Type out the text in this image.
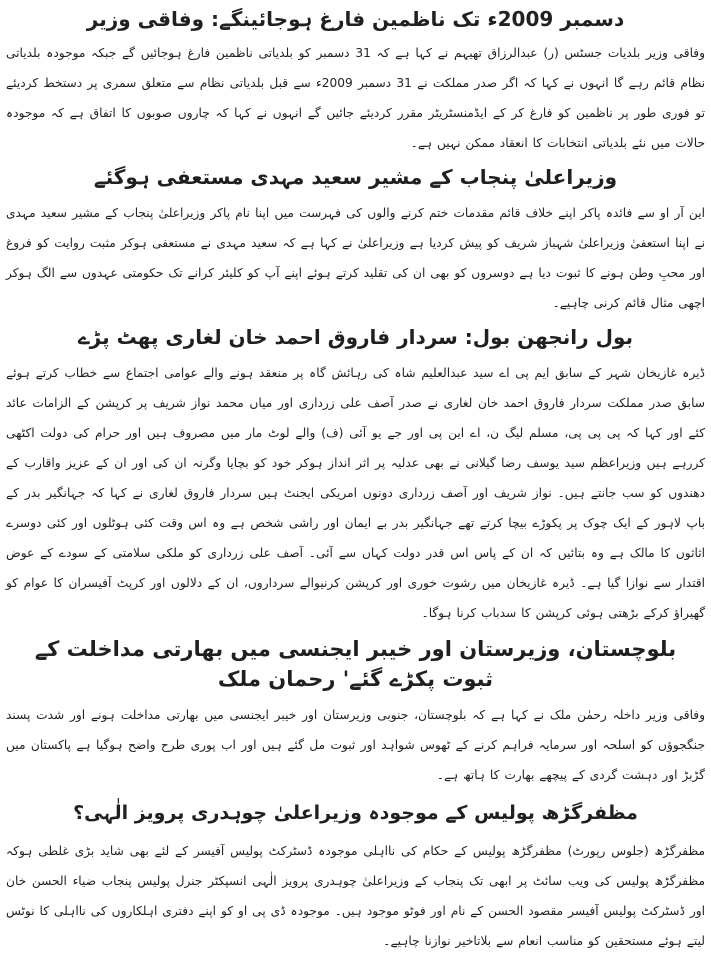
دسمبر 2009ء تک ناظمین فارغ ہوجائینگے: وفاقی وزیر

وفاقی وزیر بلدیات جسٹس (ر) عبدالرزاق تھیہم نے کہا ہے کہ 31 دسمبر کو بلدیاتی ناظمین فارغ ہوجائیں گے جبکہ موجودہ بلدیاتی نظام قائم رہے گا انہوں نے کہا کہ اگر صدر مملکت نے 31 دسمبر 2009ء سے قبل بلدیاتی نظام سے متعلق سمری پر دستخط کردیئے تو فوری طور پر ناظمین کو فارغ کر کے ایڈمنسٹریٹر مقرر کردیئے جائیں گے انہوں نے کہا کہ چاروں صوبوں کا اتفاق ہے کہ موجودہ حالات میں نئے بلدیاتی انتخابات کا انعقاد ممکن نہیں ہے۔

وزیراعلیٰ پنجاب کے مشیر سعید مہدی مستعفی ہوگئے

این آر او سے فائدہ پاکر اپنے خلاف قائم مقدمات ختم کرنے والوں کی فہرست میں اپنا نام پاکر وزیراعلیٰ پنجاب کے مشیر سعید مہدی نے اپنا استعفیٰ وزیراعلیٰ شہباز شریف کو پیش کردیا ہے وزیراعلیٰ نے کہا ہے کہ سعید مہدی نے مستعفی ہوکر مثبت روایت کو فروغ اور محبِ وطن ہونے کا ثبوت دیا ہے دوسروں کو بھی ان کی تقلید کرتے ہوئے اپنے آپ کو کلیئر کرانے تک حکومتی عہدوں سے الگ ہوکر اچھی مثال قائم کرنی چاہیے۔

بول رانجھن بول: سردار فاروق احمد خان لغاری پھٹ پڑے

ڈیرہ غازیخان شہر کے سابق ایم پی اے سید عبدالعلیم شاہ کی رہائش گاہ پر منعقد ہونے والے عوامی اجتماع سے خطاب کرتے ہوئے سابق صدر مملکت سردار فاروق احمد خان لغاری نے صدر آصف علی زرداری اور میاں محمد نواز شریف پر کرپشن کے الزامات عائد کئے اور کہا کہ پی پی پی، مسلم لیگ ن، اے این پی اور جے یو آئی (ف) والے لوٹ مار میں مصروف ہیں اور حرام کی دولت اکٹھی کررہے ہیں وزیراعظم سید یوسف رضا گیلانی نے بھی عدلیہ پر اثر انداز ہوکر خود کو بچایا وگرنہ ان کی اور ان کے عزیز واقارب کے دھندوں کو سب جانتے ہیں۔ نواز شریف اور آصف زرداری دونوں امریکی ایجنٹ ہیں سردار فاروق لغاری نے کہا کہ جہانگیر بدر کے باپ لاہور کے ایک چوک پر پکوڑے بیچا کرتے تھے جہانگیر بدر بے ایمان اور راشی شخص ہے وہ اس وقت کئی ہوٹلوں اور کئی دوسرے اثاثوں کا مالک ہے وہ بتائیں کہ ان کے پاس اس قدر دولت کہاں سے آئی۔ آصف علی زرداری کو ملکی سلامتی کے سودے کے عوض اقتدار سے نوازا گیا ہے۔ ڈیرہ غازیخان میں رشوت خوری اور کرپشن کرنیوالے سرداروں، ان کے دلالوں اور کرپٹ آفیسران کا عوام کو گھیراؤ کرکے بڑھتی ہوئی کرپشن کا سدباب کرنا ہوگا۔

بلوچستان، وزیرستان اور خیبر ایجنسی میں بھارتی مداخلت کے ثبوت پکڑے گئے' رحمان ملک

وفاقی وزیر داخلہ رحمٰن ملک نے کہا ہے کہ بلوچستان، جنوبی وزیرستان اور خیبر ایجنسی میں بھارتی مداخلت ہونے اور شدت پسند جنگجوؤں کو اسلحہ اور سرمایہ فراہم کرنے کے ٹھوس شواہد اور ثبوت مل گئے ہیں اور اب پوری طرح واضح ہوگیا ہے پاکستان میں گڑبڑ اور دہشت گردی کے پیچھے بھارت کا ہاتھ ہے۔

مظفرگڑھ پولیس کے موجودہ وزیراعلیٰ چوہدری پرویز الٰہی؟

مظفرگڑھ (جلوس رپورٹ) مظفرگڑھ پولیس کے حکام کی نااہلی موجودہ ڈسٹرکٹ پولیس آفیسر کے لئے بھی شاید بڑی غلطی ہوکہ مظفرگڑھ پولیس کی ویب سائٹ پر ابھی تک پنجاب کے وزیراعلیٰ چوہدری پرویز الٰہی انسپکٹر جنرل پولیس پنجاب ضیاء الحسن خان اور ڈسٹرکٹ پولیس آفیسر مقصود الحسن کے نام اور فوٹو موجود ہیں۔ موجودہ ڈی پی او کو اپنے دفتری اہلکاروں کی نااہلی کا نوٹس لیتے ہوئے مستحقین کو مناسب انعام سے بلاتاخیر نوازنا چاہیے۔
